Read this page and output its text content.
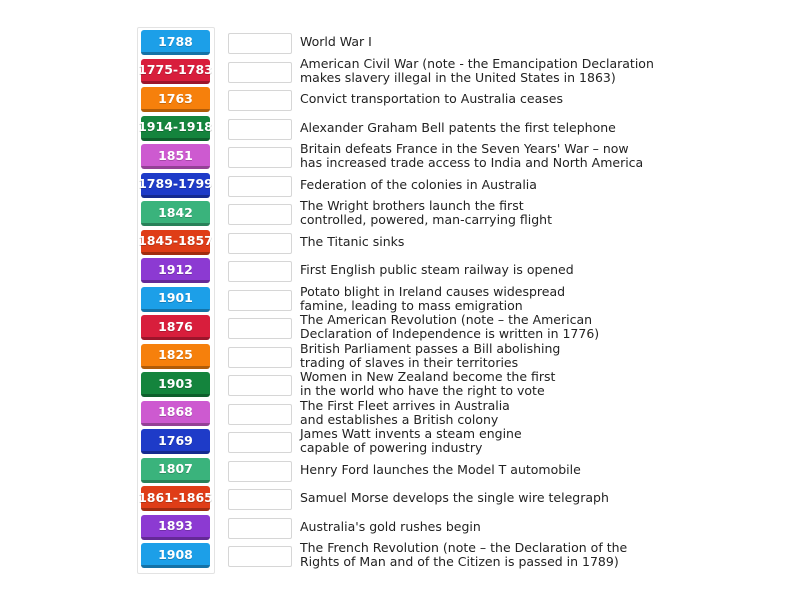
1788
1775-1783
1763
1914-1918
1851
1789-1799
1842
1845-1857
1912
1901
1876
1825
1903
1868
1769
1807
1861-1865
1893
1908
World War I
American Civil War (note - the Emancipation Declaration
makes slavery illegal in the United States in 1863)
Convict transportation to Australia ceases
Alexander Graham Bell patents the first telephone
Britain defeats France in the Seven Years' War – now
has increased trade access to India and North America
Federation of the colonies in Australia
The Wright brothers launch the first
controlled, powered, man-carrying flight
The Titanic sinks
First English public steam railway is opened
Potato blight in Ireland causes widespread
famine, leading to mass emigration
The American Revolution (note – the American
Declaration of Independence is written in 1776)
British Parliament passes a Bill abolishing
trading of slaves in their territories
Women in New Zealand become the first
in the world who have the right to vote
The First Fleet arrives in Australia
and establishes a British colony
James Watt invents a steam engine
capable of powering industry
Henry Ford launches the Model T automobile
Samuel Morse develops the single wire telegraph
Australia's gold rushes begin
The French Revolution (note – the Declaration of the
Rights of Man and of the Citizen is passed in 1789)
